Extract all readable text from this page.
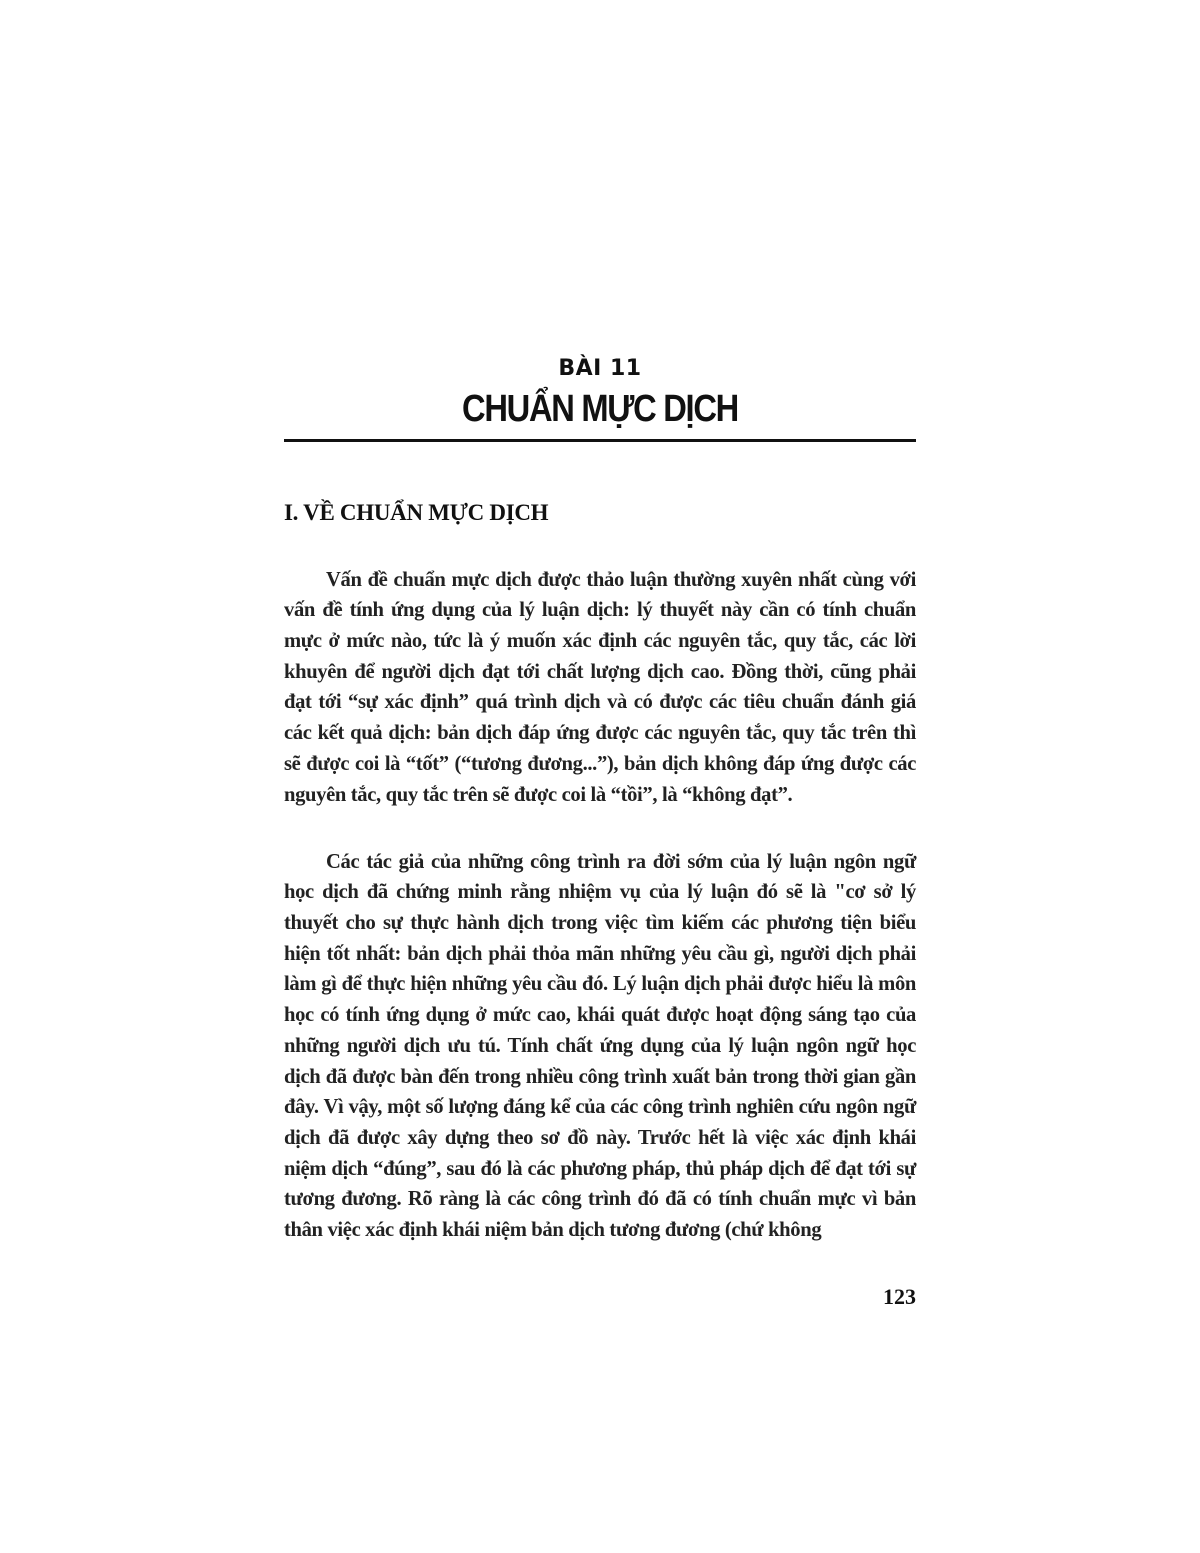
BÀI 11
CHUẨN MỰC DỊCH
I. VỀ CHUẨN MỰC DỊCH

Vấn đề chuẩn mực dịch được thảo luận thường xuyên nhất cùng với vấn đề tính ứng dụng của lý luận dịch: lý thuyết này cần có tính chuẩn mực ở mức nào, tức là ý muốn xác định các nguyên tắc, quy tắc, các lời khuyên để người dịch đạt tới chất lượng dịch cao. Đồng thời, cũng phải đạt tới “sự xác định” quá trình dịch và có được các tiêu chuẩn đánh giá các kết quả dịch: bản dịch đáp ứng được các nguyên tắc, quy tắc trên thì sẽ được coi là “tốt” (“tương đương...”), bản dịch không đáp ứng được các nguyên tắc, quy tắc trên sẽ được coi là “tồi”, là “không đạt”.

Các tác giả của những công trình ra đời sớm của lý luận ngôn ngữ học dịch đã chứng minh rằng nhiệm vụ của lý luận đó sẽ là "cơ sở lý thuyết cho sự thực hành dịch trong việc tìm kiếm các phương tiện biểu hiện tốt nhất: bản dịch phải thỏa mãn những yêu cầu gì, người dịch phải làm gì để thực hiện những yêu cầu đó. Lý luận dịch phải được hiểu là môn học có tính ứng dụng ở mức cao, khái quát được hoạt động sáng tạo của những người dịch ưu tú. Tính chất ứng dụng của lý luận ngôn ngữ học dịch đã được bàn đến trong nhiều công trình xuất bản trong thời gian gần đây. Vì vậy, một số lượng đáng kể của các công trình nghiên cứu ngôn ngữ dịch đã được xây dựng theo sơ đồ này. Trước hết là việc xác định khái niệm dịch “đúng”, sau đó là các phương pháp, thủ pháp dịch để đạt tới sự tương đương. Rõ ràng là các công trình đó đã có tính chuẩn mực vì bản thân việc xác định khái niệm bản dịch tương đương (chứ không

123
